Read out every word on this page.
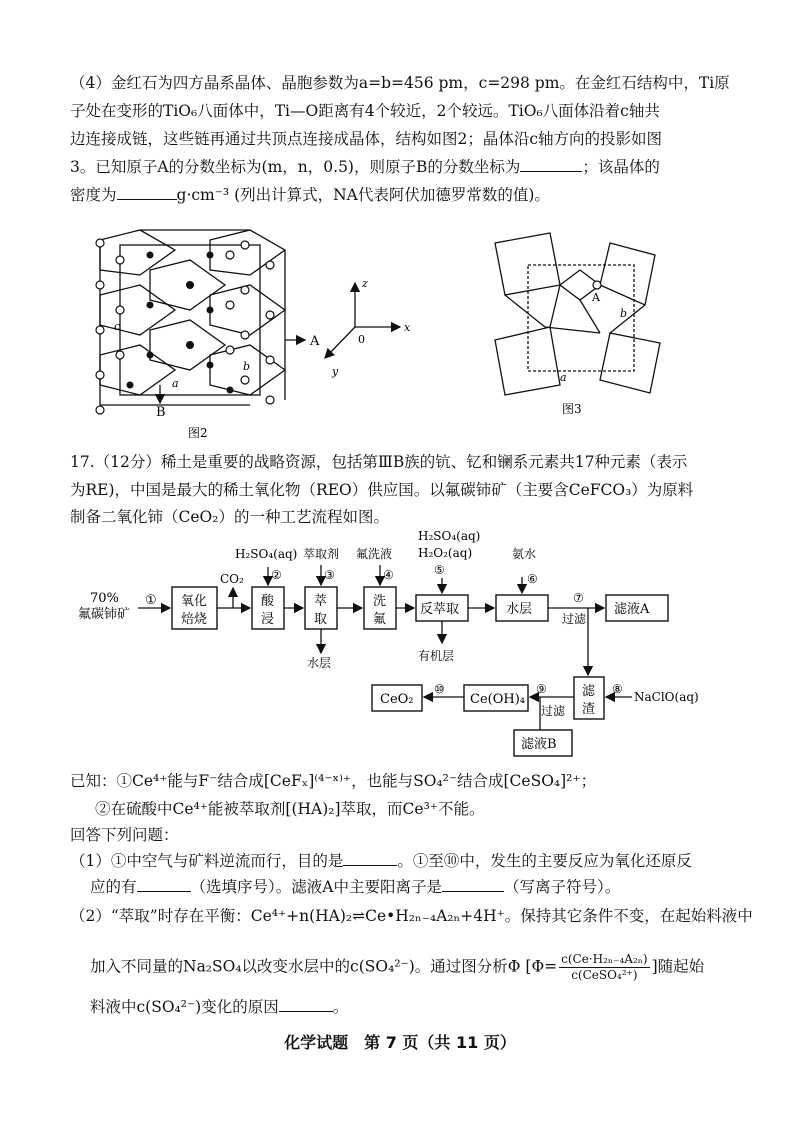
（4）金红石为四方晶系晶体、晶胞参数为a=b=456 pm，c=298 pm。在金红石结构中，Ti原
子处在变形的TiO₆八面体中，Ti—O距离有4个较近，2个较远。TiO₆八面体沿着c轴共
边连接成链，这些链再通过共顶点连接成晶体，结构如图2；晶体沿c轴方向的投影如图
3。已知原子A的分数坐标为(m，n，0.5)，则原子B的分数坐标为	；该晶体的
密度为	g·cm⁻³ (列出计算式，NA代表阿伏加德罗常数的值)。
A
B
a
b
c
图2
z
x
y
0
A
a
b
图3
17.（12分）稀土是重要的战略资源，包括第ⅢB族的钪、钇和镧系元素共17种元素（表示
为RE)，中国是最大的稀土氧化物（REO）供应国。以氟碳铈矿（主要含CeFCO₃）为原料
制备二氧化铈（CeO₂）的一种工艺流程如图。
70%
氟碳铈矿
① 氧化
焙烧
CO₂
酸
浸
H₂SO₄(aq)
②
萃
取
萃取剂
③
水层
洗
氟
氟洗液
④
反萃取
H₂SO₄(aq)
H₂O₂(aq)
⑤
有机层
水层
氨水
⑥
⑦
过滤
滤液A
滤
渣
⑧
NaClO(aq)
⑨
过滤
Ce(OH)₄
⑩
CeO₂
滤液B
已知：①Ce⁴⁺能与F⁻结合成[CeFₓ]⁽⁴⁻ˣ⁾⁺，也能与SO₄²⁻结合成[CeSO₄]²⁺；
②在硫酸中Ce⁴⁺能被萃取剂[(HA)₂]萃取，而Ce³⁺不能。
回答下列问题：
（1）①中空气与矿料逆流而行，目的是	。①至⑩中，发生的主要反应为氧化还原反
应的有	（选填序号）。滤液A中主要阳离子是	（写离子符号）。
（2）“萃取”时存在平衡：Ce⁴⁺+n(HA)₂⇌Ce•H₂ₙ₋₄A₂ₙ+4H⁺。保持其它条件不变，在起始料液中
加入不同量的Na₂SO₄以改变水层中的c(SO₄²⁻)。通过图分析Φ [Φ= c(Ce·H₂ₙ₋₄A₂ₙ)
c(CeSO₄²⁺) ]随起始
料液中c(SO₄²⁻)变化的原因	。
化学试题　第 7 页（共 11 页）
